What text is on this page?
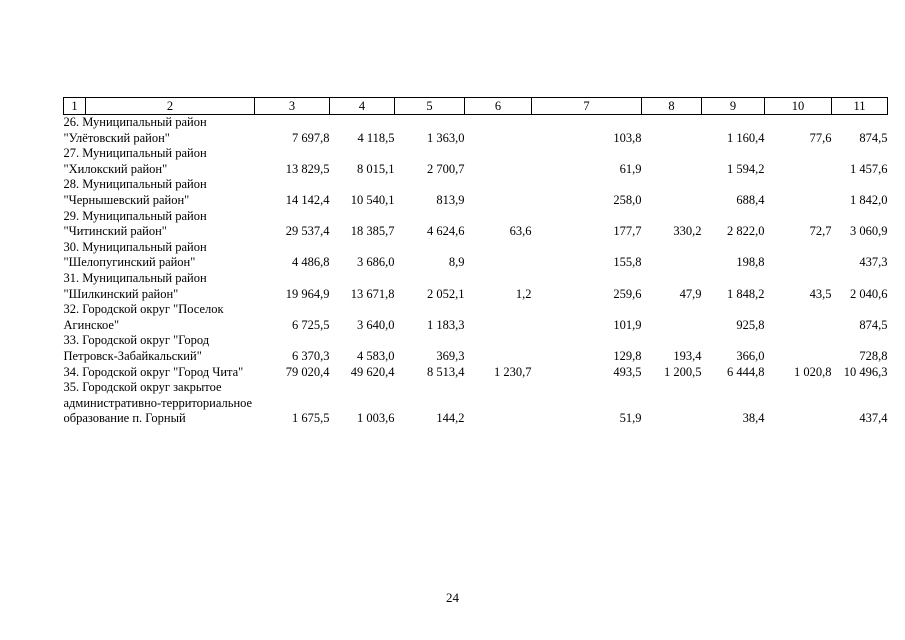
1	2	3	4	5	6	7	8	9	10	11
26. Муниципальный район "Улётовский район"		7 697,8	4 118,5	1 363,0		103,8		1 160,4	77,6	874,5
27. Муниципальный район "Хилокский район"		13 829,5	8 015,1	2 700,7		61,9		1 594,2		1 457,6
28. Муниципальный район "Чернышевский район"		14 142,4	10 540,1	813,9		258,0		688,4		1 842,0
29. Муниципальный район "Читинский район"		29 537,4	18 385,7	4 624,6	63,6	177,7	330,2	2 822,0	72,7	3 060,9
30. Муниципальный район "Шелопугинский район"		4 486,8	3 686,0	8,9		155,8		198,8		437,3
31. Муниципальный район "Шилкинский район"		19 964,9	13 671,8	2 052,1	1,2	259,6	47,9	1 848,2	43,5	2 040,6
32. Городской округ "Поселок Агинское"		6 725,5	3 640,0	1 183,3		101,9		925,8		874,5
33. Городской округ "Город Петровск-Забайкальский"		6 370,3	4 583,0	369,3		129,8	193,4	366,0		728,8
34. Городской округ "Город Чита"		79 020,4	49 620,4	8 513,4	1 230,7	493,5	1 200,5	6 444,8	1 020,8	10 496,3
35. Городской округ закрытое административно-территориальное образование п. Горный		1 675,5	1 003,6	144,2		51,9		38,4		437,4
24
